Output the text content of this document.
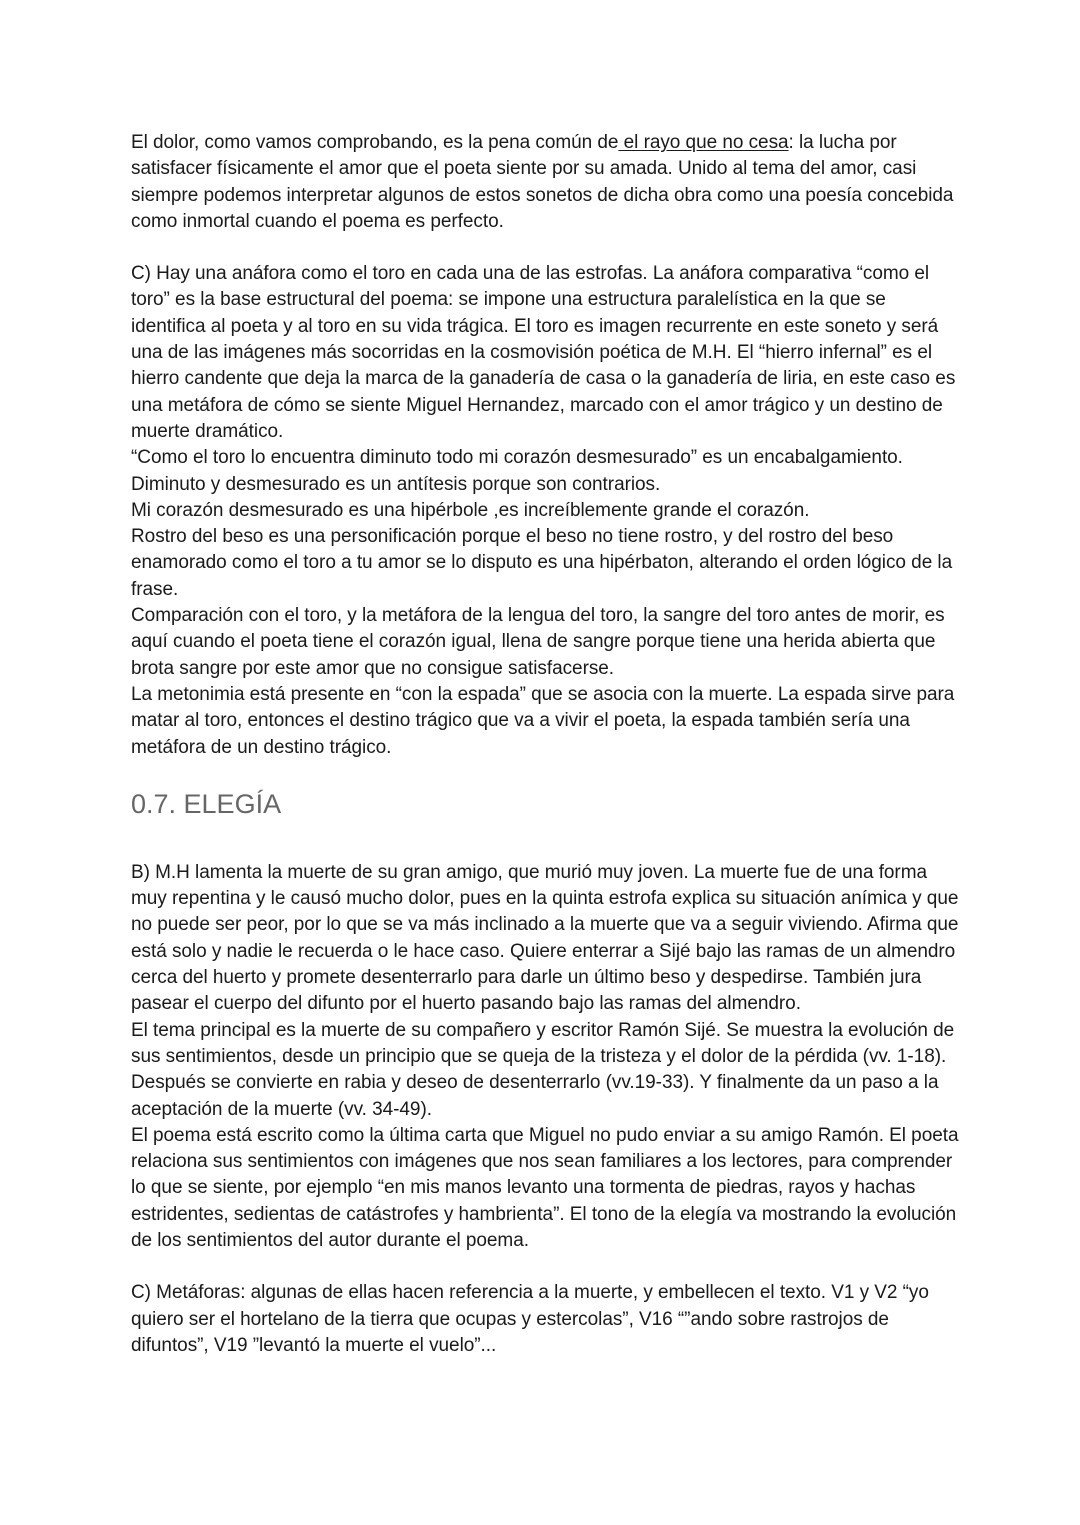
El dolor, como vamos comprobando, es la pena común de el rayo que no cesa: la lucha por satisfacer físicamente el amor que el poeta siente por su amada. Unido al tema del amor, casi siempre podemos interpretar algunos de estos sonetos de dicha obra como una poesía concebida como inmortal cuando el poema es perfecto.

C) Hay una anáfora como el toro en cada una de las estrofas. La anáfora comparativa “como el toro” es la base estructural del poema: se impone una estructura paralelística en la que se identifica al poeta y al toro en su vida trágica. El toro es imagen recurrente en este soneto y será una de las imágenes más socorridas en la cosmovisión poética de M.H. El “hierro infernal” es el hierro candente que deja la marca de la ganadería de casa o la ganadería de liria, en este caso es una metáfora de cómo se siente Miguel Hernandez, marcado con el amor trágico y un destino de muerte dramático.

“Como el toro lo encuentra diminuto todo mi corazón desmesurado” es un encabalgamiento. Diminuto y desmesurado es un antítesis porque son contrarios.

Mi corazón desmesurado es una hipérbole ,es increíblemente grande el corazón.

Rostro del beso es una personificación porque el beso no tiene rostro, y del rostro del beso enamorado como el toro a tu amor se lo disputo es una hipérbaton, alterando el orden lógico de la frase.

Comparación con el toro, y la metáfora de la lengua del toro, la sangre del toro antes de morir, es aquí cuando el poeta tiene el corazón igual, llena de sangre porque tiene una herida abierta que brota sangre por este amor que no consigue satisfacerse.

La metonimia está presente en “con la espada” que se asocia con la muerte. La espada sirve para matar al toro, entonces el destino trágico que va a vivir el poeta, la espada también sería una metáfora de un destino trágico.

0.7. ELEGÍA

B) M.H lamenta la muerte de su gran amigo, que murió muy joven. La muerte fue de una forma muy repentina y le causó mucho dolor, pues en la quinta estrofa explica su situación anímica y que no puede ser peor, por lo que se va más inclinado a la muerte que va a seguir viviendo. Afirma que está solo y nadie le recuerda o le hace caso. Quiere enterrar a Sijé bajo las ramas de un almendro cerca del huerto y promete desenterrarlo para darle un último beso y despedirse. También jura pasear el cuerpo del difunto por el huerto pasando bajo las ramas del almendro.

El tema principal es la muerte de su compañero y escritor Ramón Sijé. Se muestra la evolución de sus sentimientos, desde un principio que se queja de la tristeza y el dolor de la pérdida (vv. 1-18). Después se convierte en rabia y deseo de desenterrarlo (vv.19-33). Y finalmente da un paso a la aceptación de la muerte (vv. 34-49).

El poema está escrito como la última carta que Miguel no pudo enviar a su amigo Ramón. El poeta relaciona sus sentimientos con imágenes que nos sean familiares a los lectores, para comprender lo que se siente, por ejemplo “en mis manos levanto una tormenta de piedras, rayos y hachas estridentes, sedientas de catástrofes y hambrienta”. El tono de la elegía va mostrando la evolución de los sentimientos del autor durante el poema.

C) Metáforas: algunas de ellas hacen referencia a la muerte, y embellecen el texto. V1 y V2 “yo quiero ser el hortelano de la tierra que ocupas y estercolas”, V16 “”ando sobre rastrojos de difuntos”, V19 ”levantó la muerte el vuelo”...
